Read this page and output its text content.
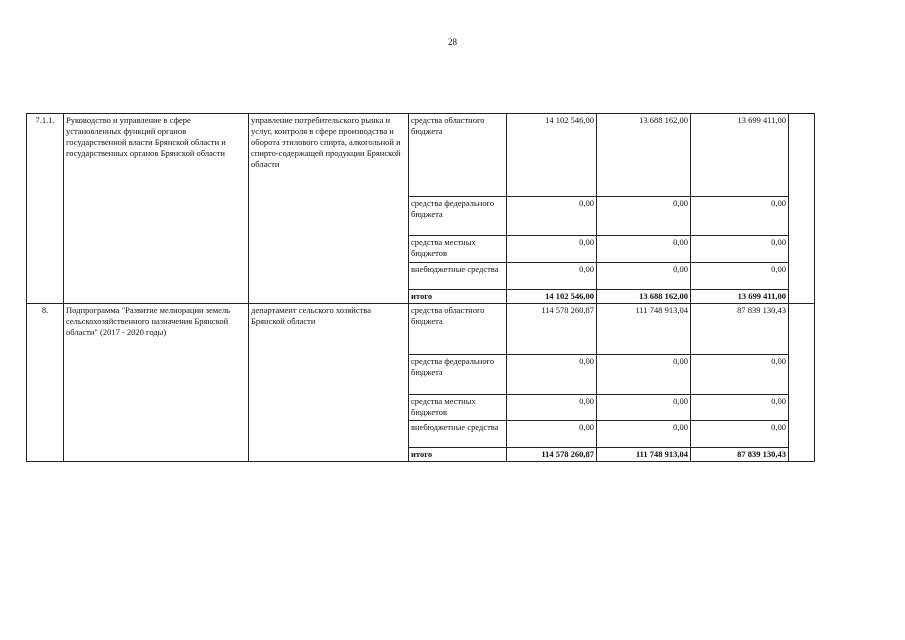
28
7.1.1.	Руководство и управление в сфере установленных функций органов государственной власти Брянской области и государственных органов Брянской области	управление потребительского рынка и услуг, контроля в сфере производства и оборота этилового спирта, алкогольной и спирто-содержащей продукции Брянской области	средства областного бюджета	14 102 546,00	13 688 162,00	13 699 411,00	
			средства федерального бюджета	0,00	0,00	0,00	
			средства местных бюджетов	0,00	0,00	0,00	
			внебюджетные средства	0,00	0,00	0,00	
			итого	14 102 546,00	13 688 162,00	13 699 411,00	
8.	Подпрограмма "Развитие мелиорации земель сельскохозяйственного назначения Брянской области" (2017 - 2020 годы)	департамент сельского хозяйства Брянской области	средства областного бюджета	114 578 260,87	111 748 913,04	87 839 130,43	
			средства федерального бюджета	0,00	0,00	0,00	
			средства местных бюджетов	0,00	0,00	0,00	
			внебюджетные средства	0,00	0,00	0,00	
			итого	114 578 260,87	111 748 913,04	87 839 130,43	
